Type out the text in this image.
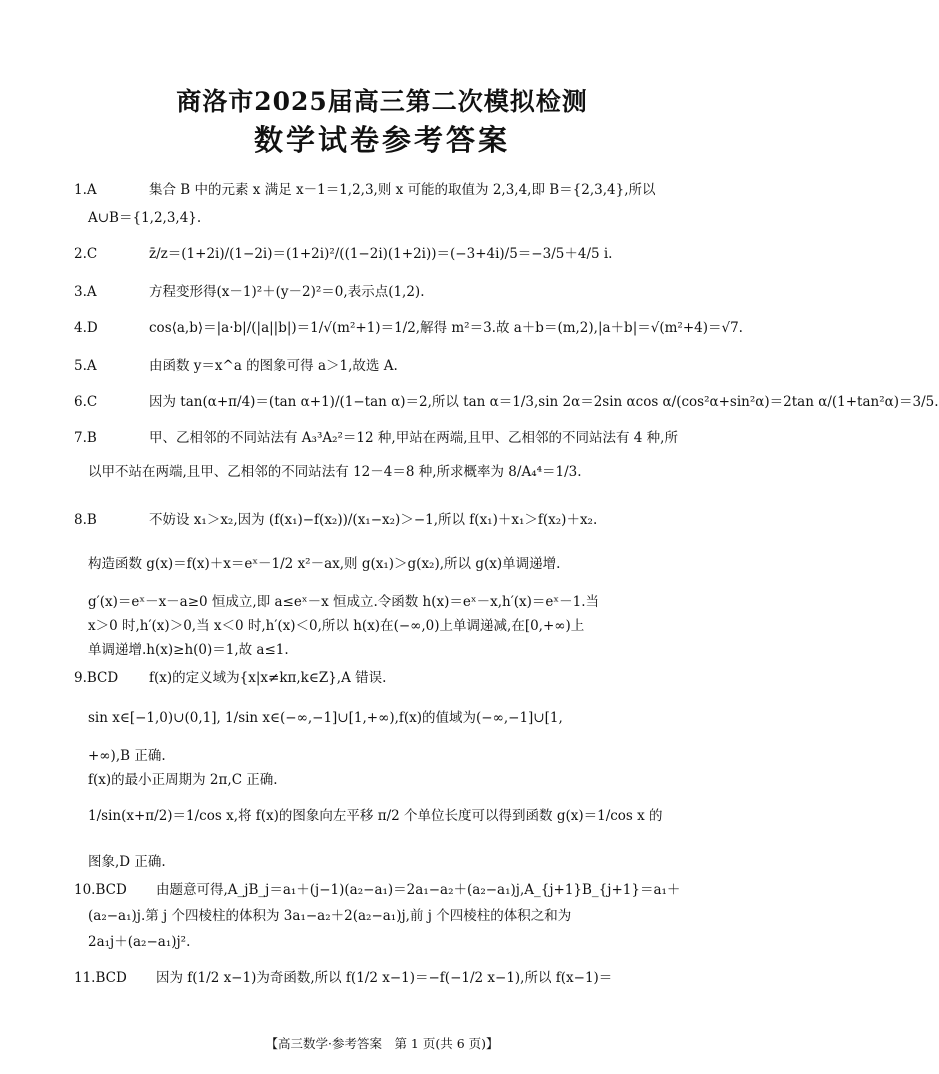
商洛市2025届高三第二次模拟检测
数学试卷参考答案
1.A	集合 B 中的元素 x 满足 x－1＝1,2,3,则 x 可能的取值为 2,3,4,即 B＝{2,3,4},所以
A∪B＝{1,2,3,4}.
2.C	z̄/z＝(1+2i)/(1−2i)＝(1+2i)²/((1−2i)(1+2i))＝(−3+4i)/5＝−3/5＋4/5 i.
3.A	方程变形得(x－1)²＋(y－2)²＝0,表示点(1,2).
4.D	cos⟨a,b⟩＝|a·b|/(|a||b|)＝1/√(m²+1)＝1/2,解得 m²＝3.故 a＋b＝(m,2),|a＋b|＝√(m²+4)＝√7.
5.A	由函数 y＝x^a 的图象可得 a＞1,故选 A.
6.C	因为 tan(α+π/4)＝(tan α+1)/(1−tan α)＝2,所以 tan α＝1/3,sin 2α＝2sin αcos α/(cos²α+sin²α)＝2tan α/(1+tan²α)＝3/5.
7.B	甲、乙相邻的不同站法有 A₃³A₂²＝12 种,甲站在两端,且甲、乙相邻的不同站法有 4 种,所
以甲不站在两端,且甲、乙相邻的不同站法有 12－4＝8 种,所求概率为 8/A₄⁴＝1/3.
8.B	不妨设 x₁＞x₂,因为 (f(x₁)−f(x₂))/(x₁−x₂)＞−1,所以 f(x₁)＋x₁＞f(x₂)＋x₂.
构造函数 g(x)＝f(x)＋x＝eˣ－1/2 x²－ax,则 g(x₁)＞g(x₂),所以 g(x)单调递增.
g′(x)＝eˣ－x－a≥0 恒成立,即 a≤eˣ－x 恒成立.令函数 h(x)＝eˣ－x,h′(x)＝eˣ－1.当
x＞0 时,h′(x)＞0,当 x＜0 时,h′(x)＜0,所以 h(x)在(−∞,0)上单调递减,在[0,+∞)上
单调递增.h(x)≥h(0)＝1,故 a≤1.
9.BCD f(x)的定义域为{x|x≠kπ,k∈Z},A 错误.
sin x∈[−1,0)∪(0,1], 1/sin x∈(−∞,−1]∪[1,+∞),f(x)的值域为(−∞,−1]∪[1,
+∞),B 正确.
f(x)的最小正周期为 2π,C 正确.
1/sin(x+π/2)＝1/cos x,将 f(x)的图象向左平移 π/2 个单位长度可以得到函数 g(x)＝1/cos x 的
图象,D 正确.
10.BCD 由题意可得,A_jB_j＝a₁＋(j−1)(a₂−a₁)＝2a₁−a₂＋(a₂−a₁)j,A_{j+1}B_{j+1}＝a₁＋
(a₂−a₁)j.第 j 个四棱柱的体积为 3a₁−a₂＋2(a₂−a₁)j,前 j 个四棱柱的体积之和为
2a₁j＋(a₂−a₁)j².
11.BCD 因为 f(1/2 x−1)为奇函数,所以 f(1/2 x−1)＝−f(−1/2 x−1),所以 f(x−1)＝
【高三数学·参考答案　第 1 页(共 6 页)】
